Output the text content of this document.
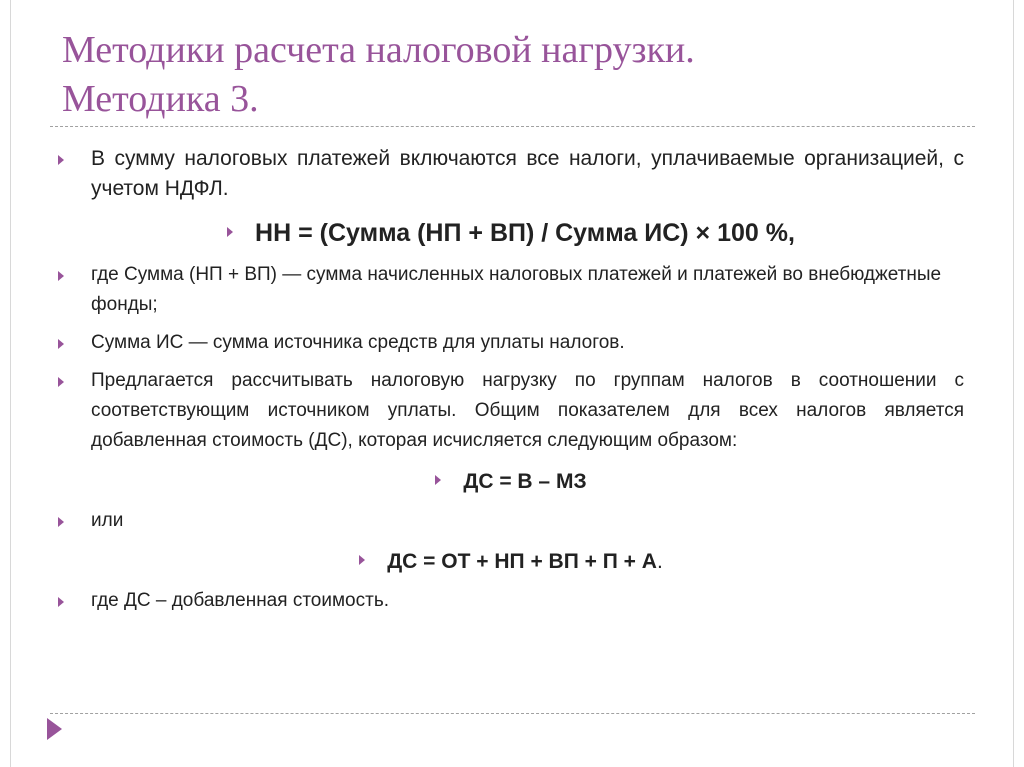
Методики расчета налоговой нагрузки.
Методика 3.
В сумму налоговых платежей включаются все налоги, уплачиваемые организацией, с учетом НДФЛ.
НН = (Сумма (НП + ВП) / Сумма ИС) × 100 %,
где Сумма (НП + ВП) — сумма начисленных налоговых платежей и платежей во внебюджетные фонды;
Сумма ИС — сумма источника средств для уплаты налогов.
Предлагается рассчитывать налоговую нагрузку по группам налогов в соотношении с соответствующим источником уплаты. Общим показателем для всех налогов является добавленная стоимость (ДС), которая исчисляется следующим образом:
ДС = В – МЗ
или
ДС = ОТ + НП + ВП + П + А.
где ДС – добавленная стоимость.
